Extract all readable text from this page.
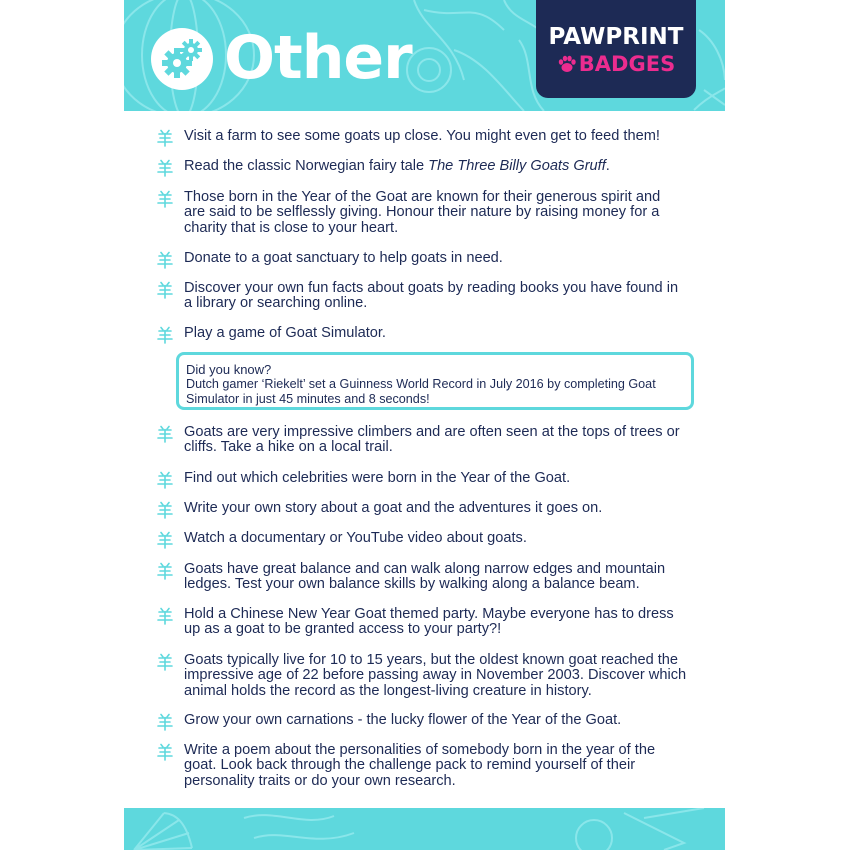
Other	PAWPRINT
BADGES
Visit a farm to see some goats up close. You might even get to feed them!
Read the classic Norwegian fairy tale The Three Billy Goats Gruff.
Those born in the Year of the Goat are known for their generous spirit and
are said to be selflessly giving. Honour their nature by raising money for a
charity that is close to your heart.
Donate to a goat sanctuary to help goats in need.
Discover your own fun facts about goats by reading books you have found in
a library or searching online.
Play a game of Goat Simulator.
Goats are very impressive climbers and are often seen at the tops of trees or
cliffs. Take a hike on a local trail.
Find out which celebrities were born in the Year of the Goat.
Write your own story about a goat and the adventures it goes on.
Watch a documentary or YouTube video about goats.
Goats have great balance and can walk along narrow edges and mountain
ledges. Test your own balance skills by walking along a balance beam.
Hold a Chinese New Year Goat themed party. Maybe everyone has to dress
up as a goat to be granted access to your party?!
Goats typically live for 10 to 15 years, but the oldest known goat reached the
impressive age of 22 before passing away in November 2003. Discover which
animal holds the record as the longest-living creature in history.
Grow your own carnations - the lucky flower of the Year of the Goat.
Write a poem about the personalities of somebody born in the year of the
goat. Look back through the challenge pack to remind yourself of their
personality traits or do your own research.
Did you know?
Dutch gamer ‘Riekelt’ set a Guinness World Record in July 2016 by completing Goat
Simulator in just 45 minutes and 8 seconds!
